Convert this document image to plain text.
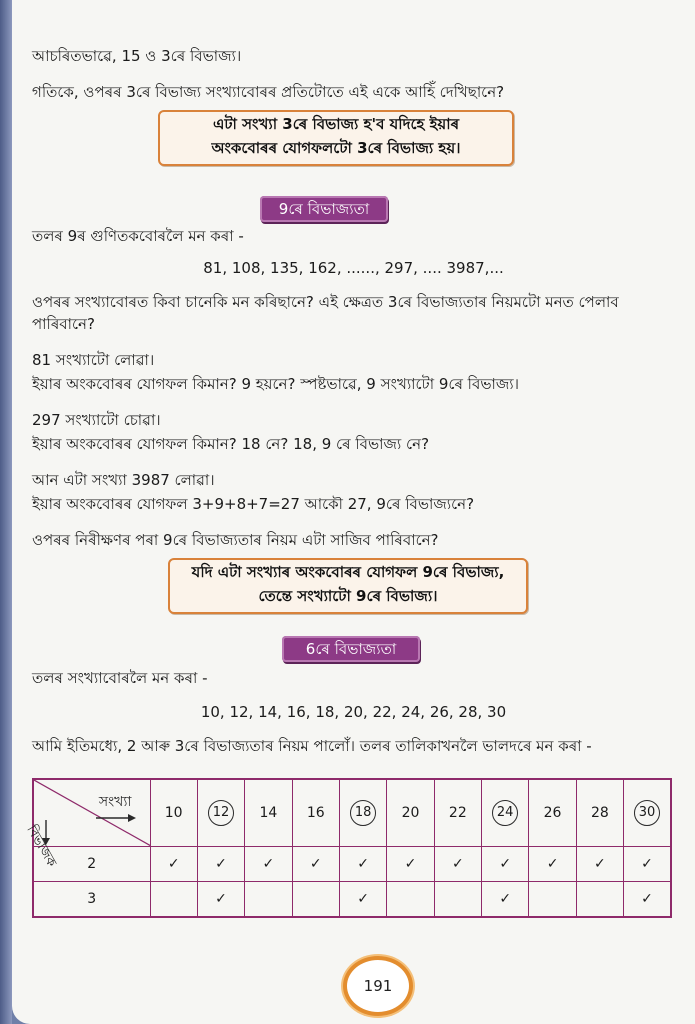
আচৰিতভাৱে, 15 ও 3ৰে বিভাজ্য।
গতিকে, ওপৰৰ 3ৰে বিভাজ্য সংখ্যাবোৰৰ প্ৰতিটোতে এই একে আহিঁ দেখিছানে?
এটা সংখ্যা 3ৰে বিভাজ্য হ'ব যদিহে ইয়াৰ
অংকবোৰৰ যোগফলটো 3ৰে বিভাজ্য হয়।
9ৰে বিভাজ্যতা
তলৰ 9ৰ গুণিতকবোৰলৈ মন কৰা -
81, 108, 135, 162, ......, 297, .... 3987,...
ওপৰৰ সংখ্যাবোৰত কিবা চানেকি মন কৰিছানে? এই ক্ষেত্ৰত 3ৰে বিভাজ্যতাৰ নিয়মটো মনত পেলাব
পাৰিবানে?
81 সংখ্যাটো লোৱা।
ইয়াৰ অংকবোৰৰ যোগফল কিমান? 9 হয়নে? স্পষ্টভাৱে, 9 সংখ্যাটো 9ৰে বিভাজ্য।
297 সংখ্যাটো চোৱা।
ইয়াৰ অংকবোৰৰ যোগফল কিমান? 18 নে? 18, 9 ৰে বিভাজ্য নে?
আন এটা সংখ্যা 3987 লোৱা।
ইয়াৰ অংকবোৰৰ যোগফল 3+9+8+7=27 আকৌ 27, 9ৰে বিভাজ্যনে?
ওপৰৰ নিৰীক্ষণৰ পৰা 9ৰে বিভাজ্যতাৰ নিয়ম এটা সাজিব পাৰিবানে?
যদি এটা সংখ্যাৰ অংকবোৰৰ যোগফল 9ৰে বিভাজ্য,
তেন্তে সংখ্যাটো 9ৰে বিভাজ্য।
6ৰে বিভাজ্যতা
তলৰ সংখ্যাবোৰলৈ মন কৰা -
10, 12, 14, 16, 18, 20, 22, 24, 26, 28, 30
আমি ইতিমধ্যে, 2 আৰু 3ৰে বিভাজ্যতাৰ নিয়ম পালোঁ। তলৰ তালিকাখনলৈ ভালদৰে মন কৰা -
সংখ্যা
বিভাজক	10	12	14	16	18	20	22	24	26	28	30
2	✓	✓	✓	✓	✓	✓	✓	✓	✓	✓	✓
3		✓			✓			✓			✓
191
